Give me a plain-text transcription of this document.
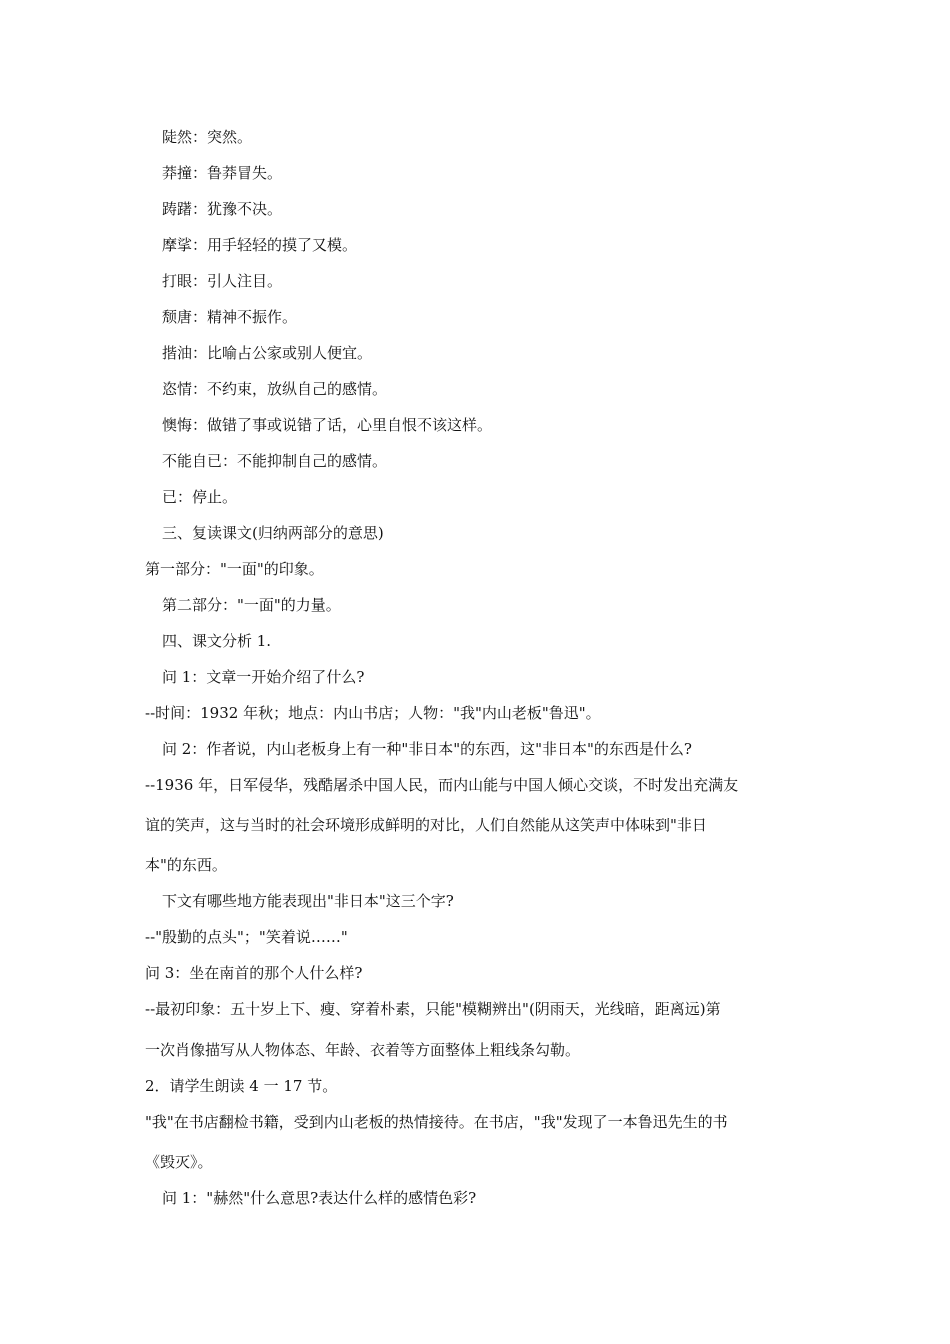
陡然：突然。
莽撞：鲁莽冒失。
踌躇：犹豫不决。
摩挲：用手轻轻的摸了又模。
打眼：引人注目。
颓唐：精神不振作。
揩油：比喻占公家或别人便宜。
恣情：不约束，放纵自己的感情。
懊悔：做错了事或说错了话，心里自恨不该这样。
不能自已：不能抑制自己的感情。
已：停止。
三、复读课文(归纳两部分的意思)
第一部分："一面"的印象。
第二部分："一面"的力量。
四、课文分析 1.
问 1：文章一开始介绍了什么?
--时间：1932 年秋；地点：内山书店；人物："我"内山老板"鲁迅"。
问 2：作者说，内山老板身上有一种"非日本"的东西，这"非日本"的东西是什么?
--1936 年，日军侵华，残酷屠杀中国人民，而内山能与中国人倾心交谈，不时发出充满友
谊的笑声，这与当时的社会环境形成鲜明的对比，人们自然能从这笑声中体味到"非日
本"的东西。
下文有哪些地方能表现出"非日本"这三个字?
--"殷勤的点头"；"笑着说……"
问 3：坐在南首的那个人什么样?
--最初印象：五十岁上下、瘦、穿着朴素，只能"模糊辨出"(阴雨天，光线暗，距离远)第
一次肖像描写从人物体态、年龄、衣着等方面整体上粗线条勾勒。
2．请学生朗读 4 一 17 节。
"我"在书店翻检书籍，受到内山老板的热情接待。在书店，"我"发现了一本鲁迅先生的书
《毁灭》。
问 1："赫然"什么意思?表达什么样的感情色彩?
